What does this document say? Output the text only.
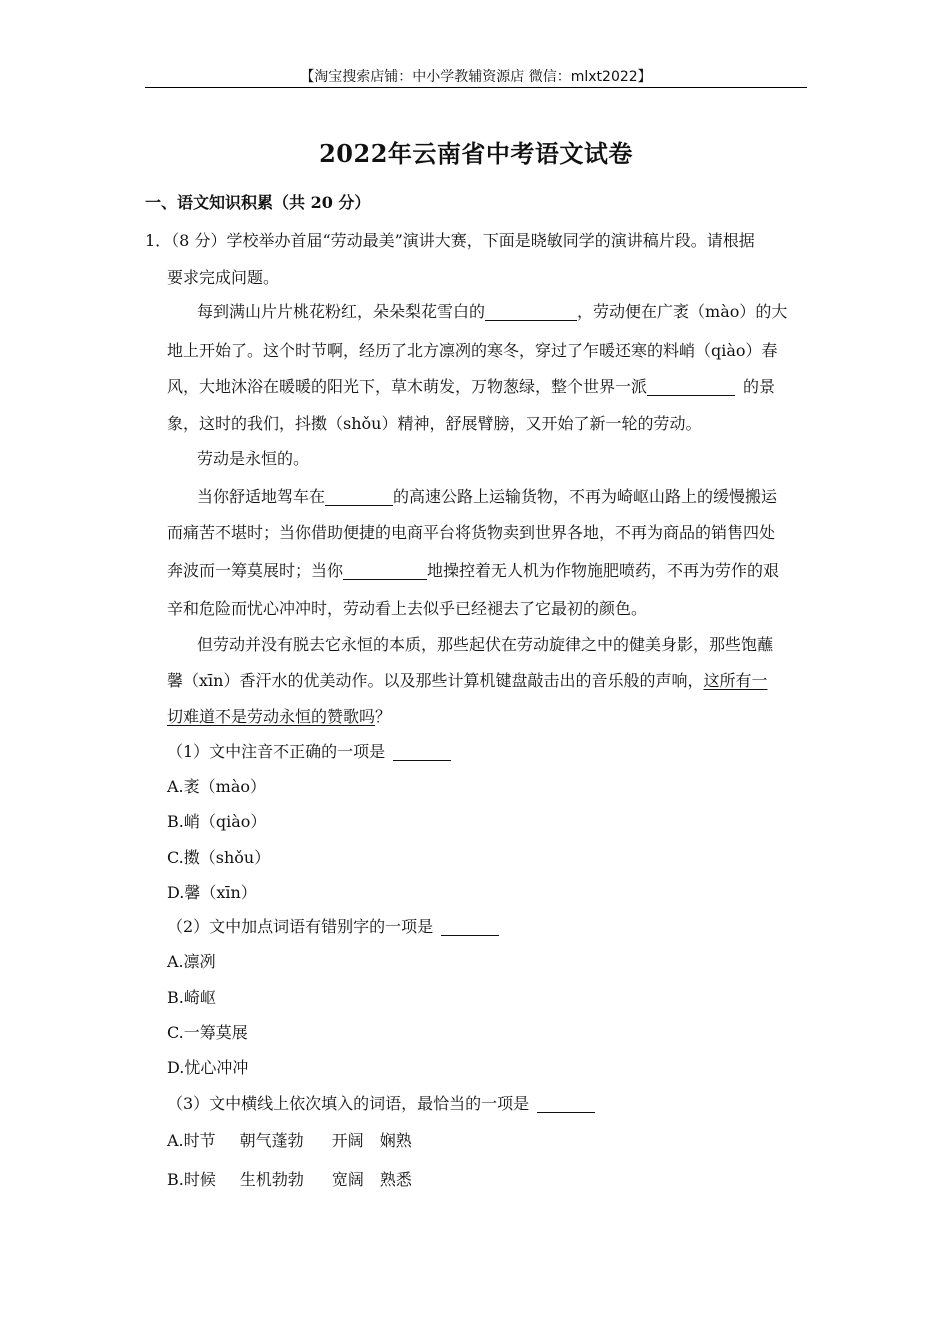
【淘宝搜索店铺：中小学教辅资源店 微信：mlxt2022】
2022年云南省中考语文试卷
一、语文知识积累（共 20 分）
1．（8 分）学校举办首届“劳动最美”演讲大赛，下面是晓敏同学的演讲稿片段。请根据
要求完成问题。
每到满山片片桃花粉红，朵朵梨花雪白的	，劳动便在广袤（mào）的大
地上开始了。这个时节啊，经历了北方凛冽的寒冬，穿过了乍暖还寒的料峭（qiào）春
风，大地沐浴在暖暖的阳光下，草木萌发，万物葱绿，整个世界一派	的景
象，这时的我们，抖擞（shǒu）精神，舒展臂膀，又开始了新一轮的劳动。
劳动是永恒的。
当你舒适地驾车在	的高速公路上运输货物，不再为崎岖山路上的缓慢搬运
而痛苦不堪时；当你借助便捷的电商平台将货物卖到世界各地，不再为商品的销售四处
奔波而一筹莫展时；当你	地操控着无人机为作物施肥喷药，不再为劳作的艰
辛和危险而忧心冲冲时，劳动看上去似乎已经褪去了它最初的颜色。
但劳动并没有脱去它永恒的本质，那些起伏在劳动旋律之中的健美身影，那些饱蘸
馨（xīn）香汗水的优美动作。以及那些计算机键盘敲击出的音乐般的声响，这所有一
切难道不是劳动永恒的赞歌吗？
（1）文中注音不正确的一项是
A.袤（mào）
B.峭（qiào）
C.擞（shǒu）
D.馨（xīn）
（2）文中加点词语有错别字的一项是
A.凛冽
B.崎岖
C.一筹莫展
D.忧心冲冲
（3）文中横线上依次填入的词语，最恰当的一项是
A.时节 朝气蓬勃 开阔 娴熟
B.时候 生机勃勃 宽阔 熟悉
